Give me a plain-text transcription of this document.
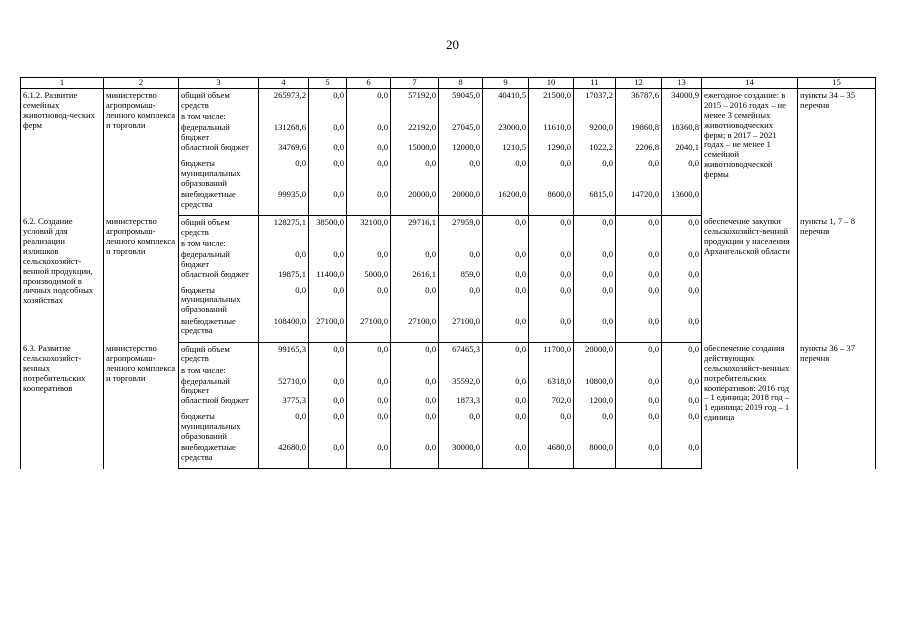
20
1	2	3	4	5	6	7	8	9	10	11	12	13	14	15
6.1.2. Развитие семейных животновод-ческих ферм	министерство агропромыш-ленного комплекса и торговли	общий объем средств	265973,2	0,0	0,0	57192,0	59045,0	40410,5	21500,0	17037,2	36787,6	34000,9	ежегодное создание: в 2015 – 2016 годах – не менее 3 семейных животноводческих ферм; в 2017 – 2021 годах – не менее 1 семейной животноводческой фермы	пункты 34 – 35 перечня
		в том числе:												
		федеральный бюджет	131268,6	0,0	0,0	22192,0	27045,0	23000,0	11610,0	9200,0	19860,8	18360,8		
		областной бюджет	34769,6	0,0	0,0	15000,0	12000,0	1210,5	1290,0	1022,2	2206,8	2040,1		
		бюджеты муниципальных образований	0,0	0,0	0,0	0,0	0,0	0,0	0,0	0,0	0,0	0,0		
		внебюджетные средства	99935,0	0,0	0,0	20000,0	20000,0	16200,0	8600,0	6815,0	14720,0	13600,0		
6.2. Создание условий для реализации излишков сельскохозяйст-венной продукции, производимой в личных подсобных хозяйствах	министерство агропромыш-ленного комплекса и торговли	общий объем средств	128275,1	38500,0	32100,0	29716,1	27959,0	0,0	0,0	0,0	0,0	0,0	обеспечение закупки сельскохозяйст-венной продукции у населения Архангельской области	пункты 1, 7 – 8 перечня
		в том числе:												
		федеральный бюджет	0,0	0,0	0,0	0,0	0,0	0,0	0,0	0,0	0,0	0,0		
		областной бюджет	19875,1	11400,0	5000,0	2616,1	859,0	0,0	0,0	0,0	0,0	0,0		
		бюджеты муниципальных образований	0,0	0,0	0,0	0,0	0,0	0,0	0,0	0,0	0,0	0,0		
		внебюджетные средства	108400,0	27100,0	27100,0	27100,0	27100,0	0,0	0,0	0,0	0,0	0,0		
6.3. Развитие сельскохозяйст-венных потребительских кооперативов	министерство агропромыш-ленного комплекса и торговли	общий объем средств	99165,3	0,0	0,0	0,0	67465,3	0,0	11700,0	20000,0	0,0	0,0	обеспечение создания действующих сельскохозяйст-венных потребительских кооперативов: 2016 год – 1 единица; 2018 год – 1 единица; 2019 год – 1 единица	пункты 36 – 37 перечня
		в том числе:												
		федеральный бюджет	52710,0	0,0	0,0	0,0	35592,0	0,0	6318,0	10800,0	0,0	0,0		
		областной бюджет	3775,3	0,0	0,0	0,0	1873,3	0,0	702,0	1200,0	0,0	0,0		
		бюджеты муниципальных образований	0,0	0,0	0,0	0,0	0,0	0,0	0,0	0,0	0,0	0,0		
		внебюджетные средства	42680,0	0,0	0,0	0,0	30000,0	0,0	4680,0	8000,0	0,0	0,0		
